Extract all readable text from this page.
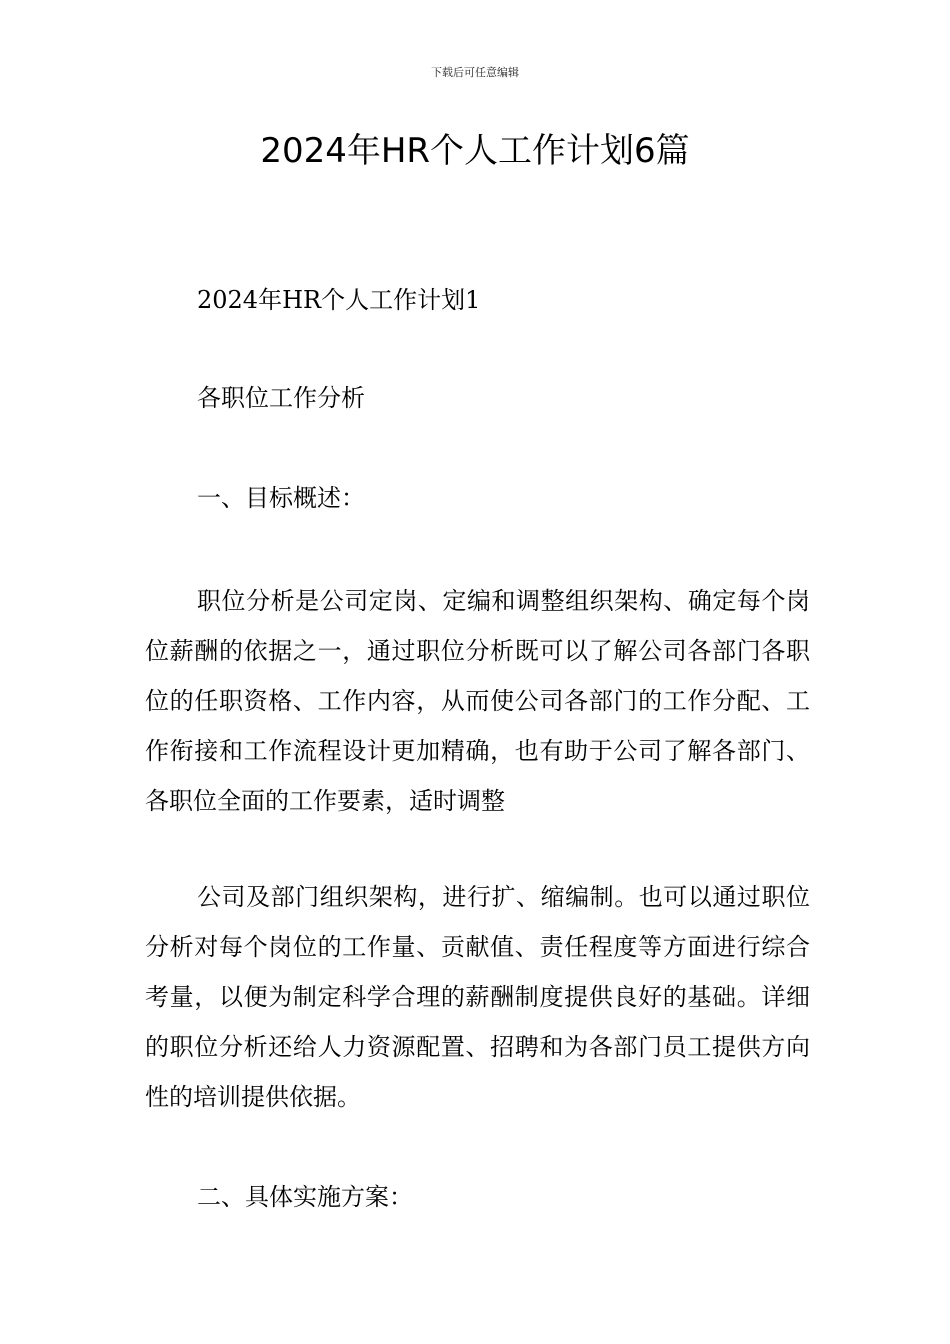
下载后可任意编辑
2024年HR个人工作计划6篇

2024年HR个人工作计划1

各职位工作分析

一、目标概述：

职位分析是公司定岗、定编和调整组织架构、确定每个岗位薪酬的依据之一，通过职位分析既可以了解公司各部门各职位的任职资格、工作内容，从而使公司各部门的工作分配、工作衔接和工作流程设计更加精确，也有助于公司了解各部门、各职位全面的工作要素，适时调整

公司及部门组织架构，进行扩、缩编制。也可以通过职位分析对每个岗位的工作量、贡献值、责任程度等方面进行综合考量，以便为制定科学合理的薪酬制度提供良好的基础。详细的职位分析还给人力资源配置、招聘和为各部门员工提供方向性的培训提供依据。

二、具体实施方案：
